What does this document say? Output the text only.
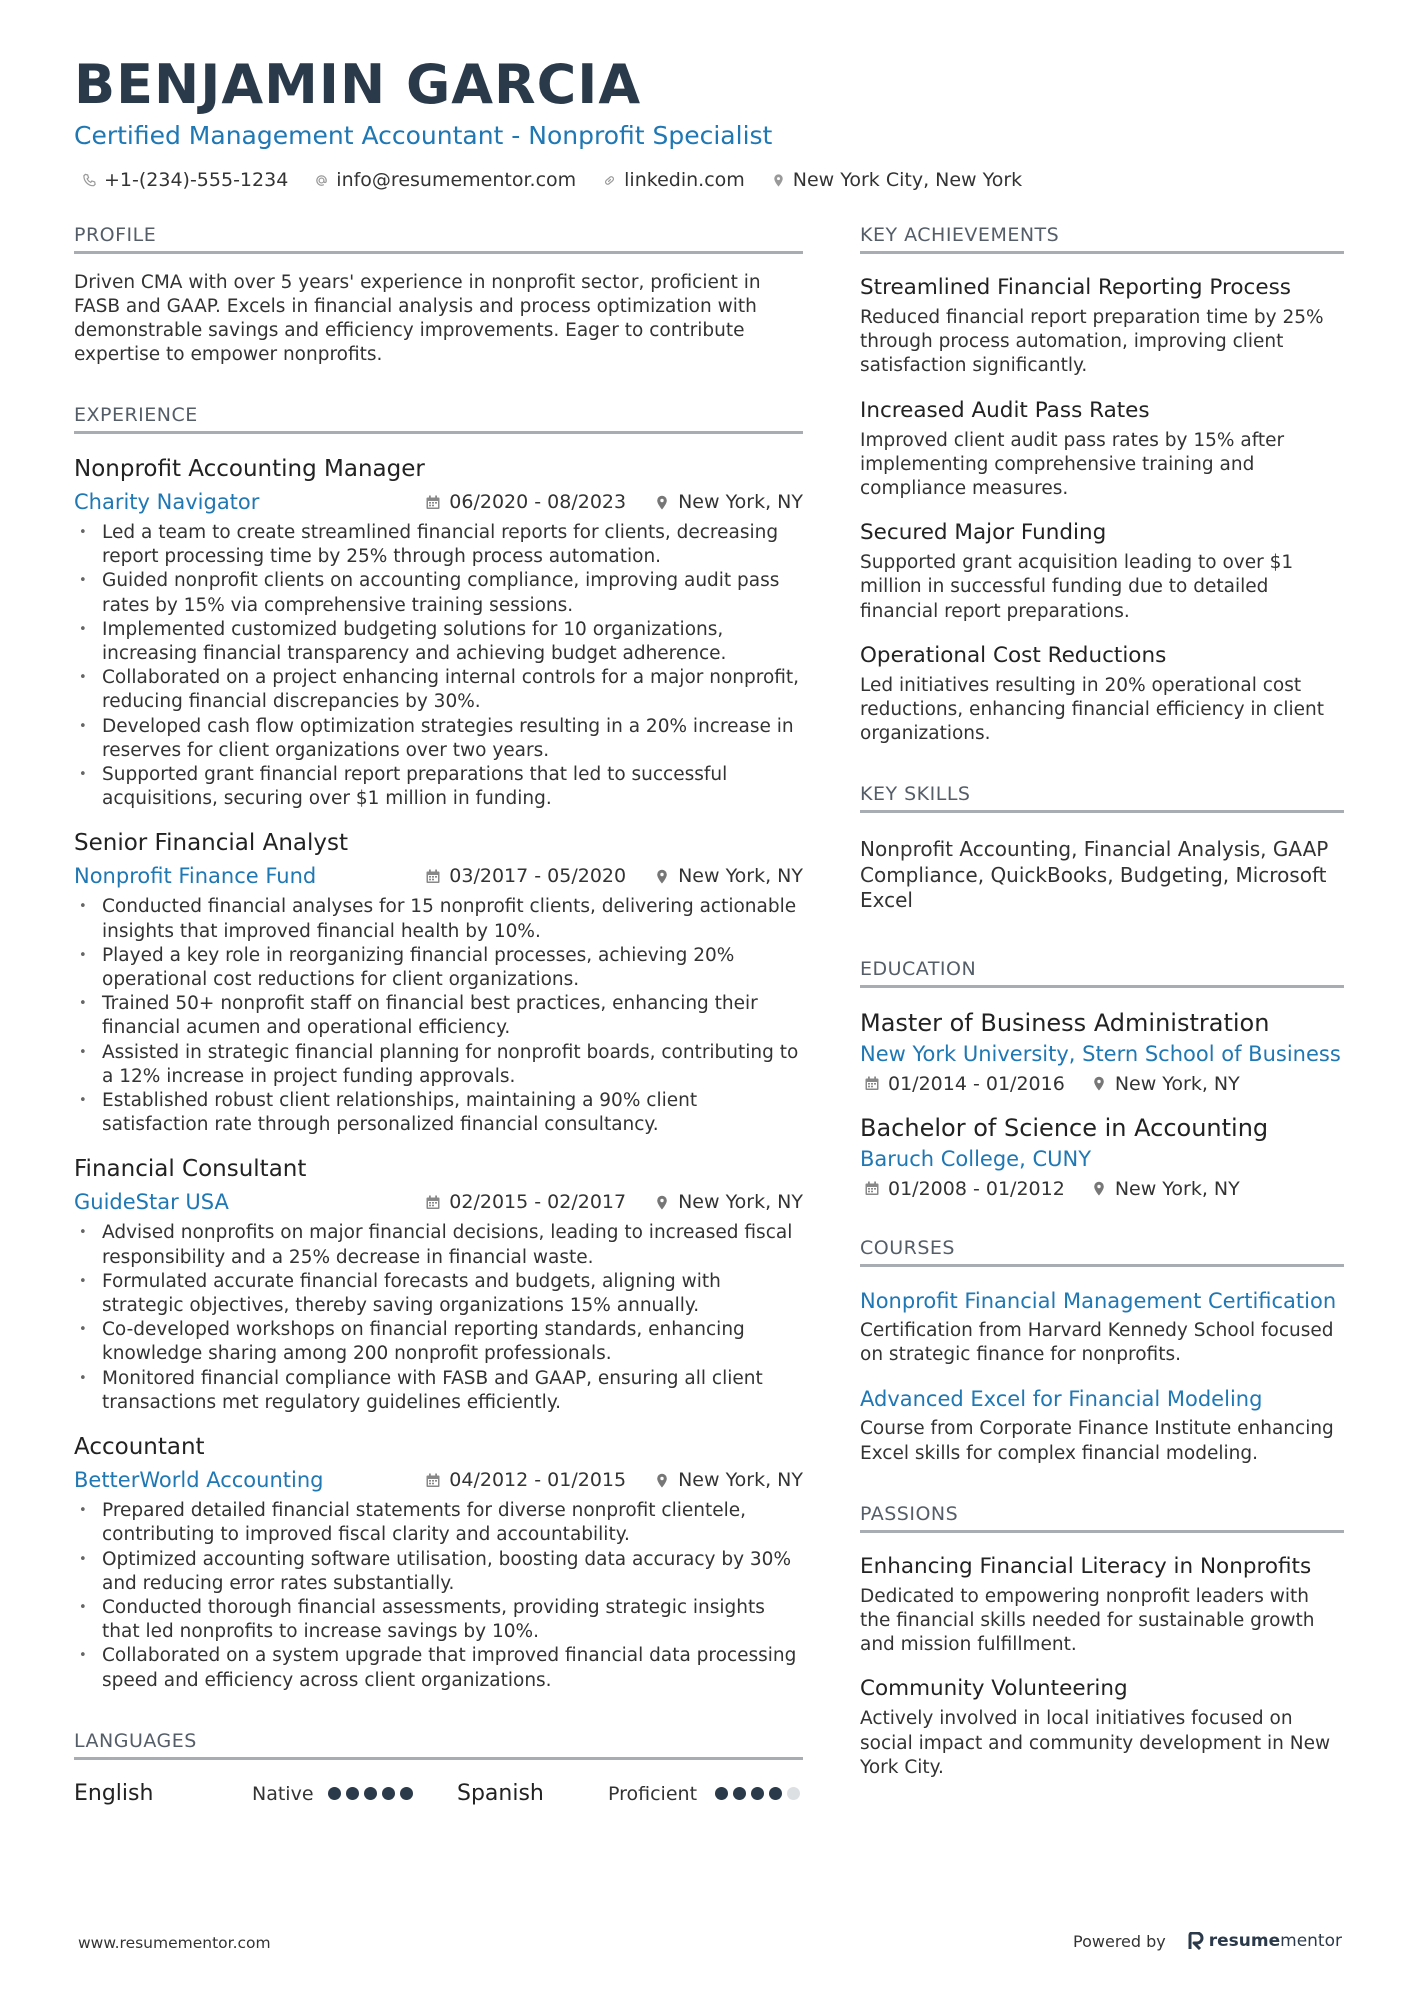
BENJAMIN GARCIA
Certified Management Accountant - Nonprofit Specialist
+1-(234)-555-1234	info@resumementor.com	linkedin.com	New York City, New York
PROFILE
Driven CMA with over 5 years' experience in nonprofit sector, proficient in FASB and GAAP. Excels in financial analysis and process optimization with demonstrable savings and efficiency improvements. Eager to contribute expertise to empower nonprofits.
EXPERIENCE
Nonprofit Accounting Manager
Charity Navigator	06/2020 - 08/2023	New York, NY
• Led a team to create streamlined financial reports for clients, decreasing report processing time by 25% through process automation.
• Guided nonprofit clients on accounting compliance, improving audit pass rates by 15% via comprehensive training sessions.
• Implemented customized budgeting solutions for 10 organizations, increasing financial transparency and achieving budget adherence.
• Collaborated on a project enhancing internal controls for a major nonprofit, reducing financial discrepancies by 30%.
• Developed cash flow optimization strategies resulting in a 20% increase in reserves for client organizations over two years.
• Supported grant financial report preparations that led to successful acquisitions, securing over $1 million in funding.
Senior Financial Analyst
Nonprofit Finance Fund	03/2017 - 05/2020	New York, NY
• Conducted financial analyses for 15 nonprofit clients, delivering actionable insights that improved financial health by 10%.
• Played a key role in reorganizing financial processes, achieving 20% operational cost reductions for client organizations.
• Trained 50+ nonprofit staff on financial best practices, enhancing their financial acumen and operational efficiency.
• Assisted in strategic financial planning for nonprofit boards, contributing to a 12% increase in project funding approvals.
• Established robust client relationships, maintaining a 90% client satisfaction rate through personalized financial consultancy.
Financial Consultant
GuideStar USA	02/2015 - 02/2017	New York, NY
• Advised nonprofits on major financial decisions, leading to increased fiscal responsibility and a 25% decrease in financial waste.
• Formulated accurate financial forecasts and budgets, aligning with strategic objectives, thereby saving organizations 15% annually.
• Co-developed workshops on financial reporting standards, enhancing knowledge sharing among 200 nonprofit professionals.
• Monitored financial compliance with FASB and GAAP, ensuring all client transactions met regulatory guidelines efficiently.
Accountant
BetterWorld Accounting	04/2012 - 01/2015	New York, NY
• Prepared detailed financial statements for diverse nonprofit clientele, contributing to improved fiscal clarity and accountability.
• Optimized accounting software utilisation, boosting data accuracy by 30% and reducing error rates substantially.
• Conducted thorough financial assessments, providing strategic insights that led nonprofits to increase savings by 10%.
• Collaborated on a system upgrade that improved financial data processing speed and efficiency across client organizations.
LANGUAGES
English	Native	Spanish	Proficient
KEY ACHIEVEMENTS
Streamlined Financial Reporting Process
Reduced financial report preparation time by 25% through process automation, improving client satisfaction significantly.
Increased Audit Pass Rates
Improved client audit pass rates by 15% after implementing comprehensive training and compliance measures.
Secured Major Funding
Supported grant acquisition leading to over $1 million in successful funding due to detailed financial report preparations.
Operational Cost Reductions
Led initiatives resulting in 20% operational cost reductions, enhancing financial efficiency in client organizations.
KEY SKILLS
Nonprofit Accounting, Financial Analysis, GAAP Compliance, QuickBooks, Budgeting, Microsoft Excel
EDUCATION
Master of Business Administration
New York University, Stern School of Business
01/2014 - 01/2016	New York, NY
Bachelor of Science in Accounting
Baruch College, CUNY
01/2008 - 01/2012	New York, NY
COURSES
Nonprofit Financial Management Certification
Certification from Harvard Kennedy School focused on strategic finance for nonprofits.
Advanced Excel for Financial Modeling
Course from Corporate Finance Institute enhancing Excel skills for complex financial modeling.
PASSIONS
Enhancing Financial Literacy in Nonprofits
Dedicated to empowering nonprofit leaders with the financial skills needed for sustainable growth and mission fulfillment.
Community Volunteering
Actively involved in local initiatives focused on social impact and community development in New York City.
www.resumementor.com	Powered by	resumementor
